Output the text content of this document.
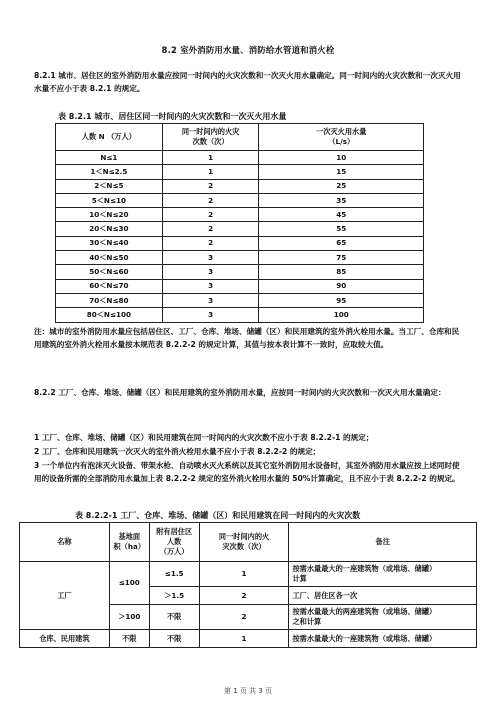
8.2 室外消防用水量、消防给水管道和消火栓

8.2.1 城市、居住区的室外消防用水量应按同一时间内的火灾次数和一次灭火用水量确定。同一时间内的火灾次数和一次灭火用水量不应小于表 8.2.1 的规定。

表 8.2.1 城市、居住区同一时间内的火灾次数和一次灭火用水量
人数 N （万人）	同一时间内的火灾
次数（次）	一次灭火用水量
（L/s）

N≤1	1	10
1＜N≤2.5	1	15
2＜N≤5	2	25
5＜N≤10	2	35
10＜N≤20	2	45
20＜N≤30	2	55
30＜N≤40	2	65
40＜N≤50	3	75
50＜N≤60	3	85
60＜N≤70	3	90
70＜N≤80	3	95
80＜N≤100	3	100

注：城市的室外消防用水量应包括居住区、工厂、仓库、堆场、储罐（区）和民用建筑的室外消火栓用水量。当工厂、仓库和民用建筑的室外消火栓用水量按本规范表 8.2.2-2 的规定计算，其值与按本表计算不一致时，应取较大值。

8.2.2 工厂、仓库、堆场、储罐（区）和民用建筑的室外消防用水量，应按同一时间内的火灾次数和一次灭火用水量确定：

1 工厂、仓库、堆场、储罐（区）和民用建筑在同一时间内的火灾次数不应小于表 8.2.2-1 的规定；

2 工厂、仓库和民用建筑一次灭火的室外消火栓用水量不应小于表 8.2.2-2 的规定；

3 一个单位内有泡沫灭火设备、带架水枪、自动喷水灭火系统以及其它室外消防用水设备时，其室外消防用水量应按上述同时使用的设备所需的全部消防用水量加上表 8.2.2-2 规定的室外消火栓用水量的 50%计算确定，且不应小于表 8.2.2-2 的规定。

表 8.2.2-1 工厂、仓库、堆场、储罐（区）和民用建筑在同一时间内的火灾次数
名称	基地面
积（ha）	附有居住区
人数
（万人）	同一时间内的火
灾次数（次）	备注
工厂	≤100	≤1.5	1	按需水量最大的一座建筑物（或堆场、储罐）
计算

		＞1.5	2	工厂、居住区各一次
	＞100	不限	2	按需水量最大的两座建筑物（或堆场、储罐）
之和计算

仓库、民用建筑	不限	不限	1	按需水量最大的一座建筑物（或堆场、储罐）
第 1 页 共 3 页
